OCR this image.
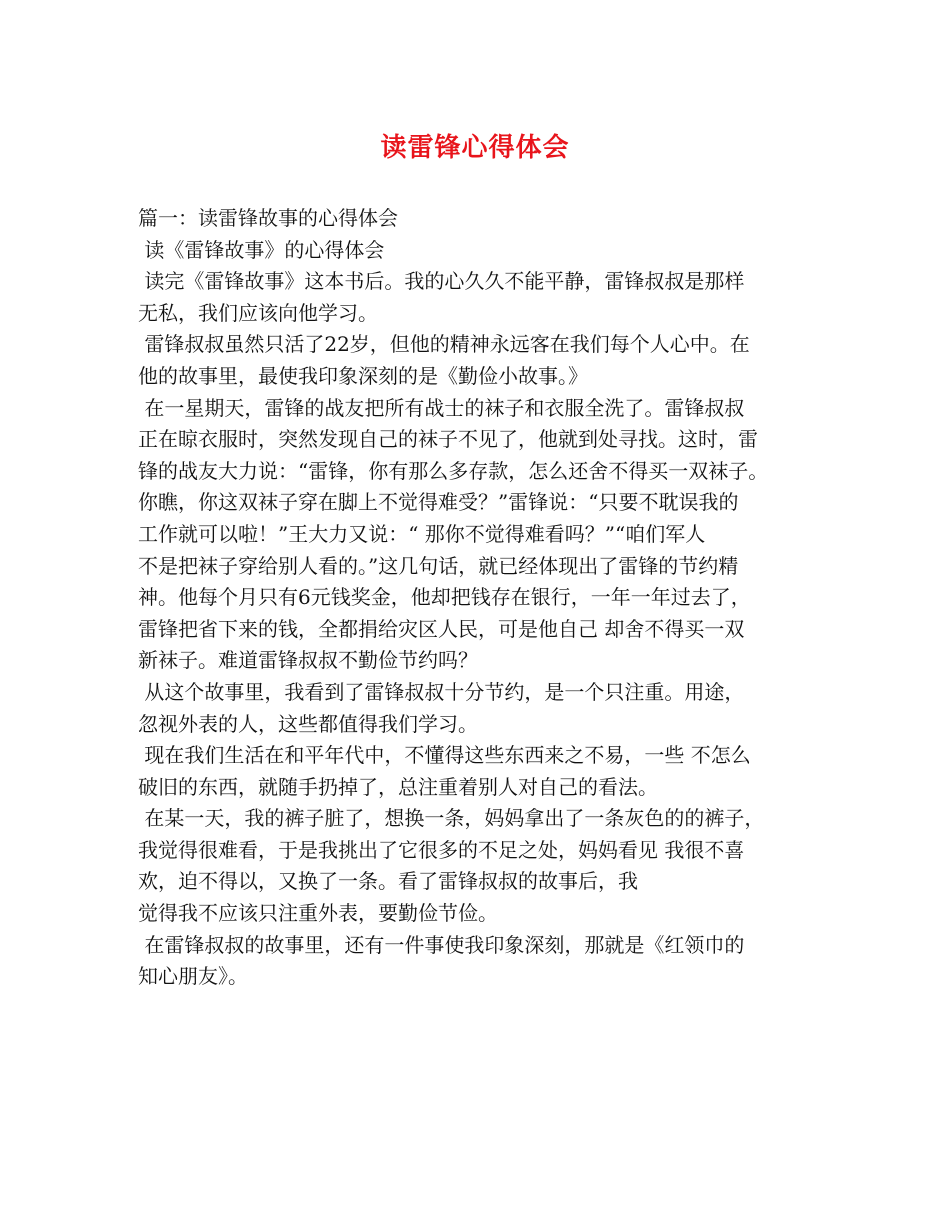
读雷锋心得体会
篇一：读雷锋故事的心得体会
读《雷锋故事》的心得体会
读完《雷锋故事》这本书后。我的心久久不能平静，雷锋叔叔是那样
无私，我们应该向他学习。
雷锋叔叔虽然只活了22岁，但他的精神永远客在我们每个人心中。在
他的故事里，最使我印象深刻的是《勤俭小故事。》
在一星期天，雷锋的战友把所有战士的袜子和衣服全洗了。雷锋叔叔
正在晾衣服时，突然发现自己的袜子不见了，他就到处寻找。这时，雷
锋的战友大力说：“雷锋，你有那么多存款，怎么还舍不得买一双袜子。
你瞧，你这双袜子穿在脚上不觉得难受？”雷锋说：“只要不耽误我的
工作就可以啦！”王大力又说：“ 那你不觉得难看吗？”“咱们军人
不是把袜子穿给别人看的。”这几句话，就已经体现出了雷锋的节约精
神。他每个月只有6元钱奖金，他却把钱存在银行，一年一年过去了，
雷锋把省下来的钱，全都捐给灾区人民，可是他自己 却舍不得买一双
新袜子。难道雷锋叔叔不勤俭节约吗？
从这个故事里，我看到了雷锋叔叔十分节约，是一个只注重。用途，
忽视外表的人，这些都值得我们学习。
现在我们生活在和平年代中，不懂得这些东西来之不易，一些 不怎么
破旧的东西，就随手扔掉了，总注重着别人对自己的看法。
在某一天，我的裤子脏了，想换一条，妈妈拿出了一条灰色的的裤子，
我觉得很难看，于是我挑出了它很多的不足之处，妈妈看见 我很不喜
欢，迫不得以，又换了一条。看了雷锋叔叔的故事后，我
觉得我不应该只注重外表，要勤俭节俭。
在雷锋叔叔的故事里，还有一件事使我印象深刻，那就是《红领巾的
知心朋友》。
